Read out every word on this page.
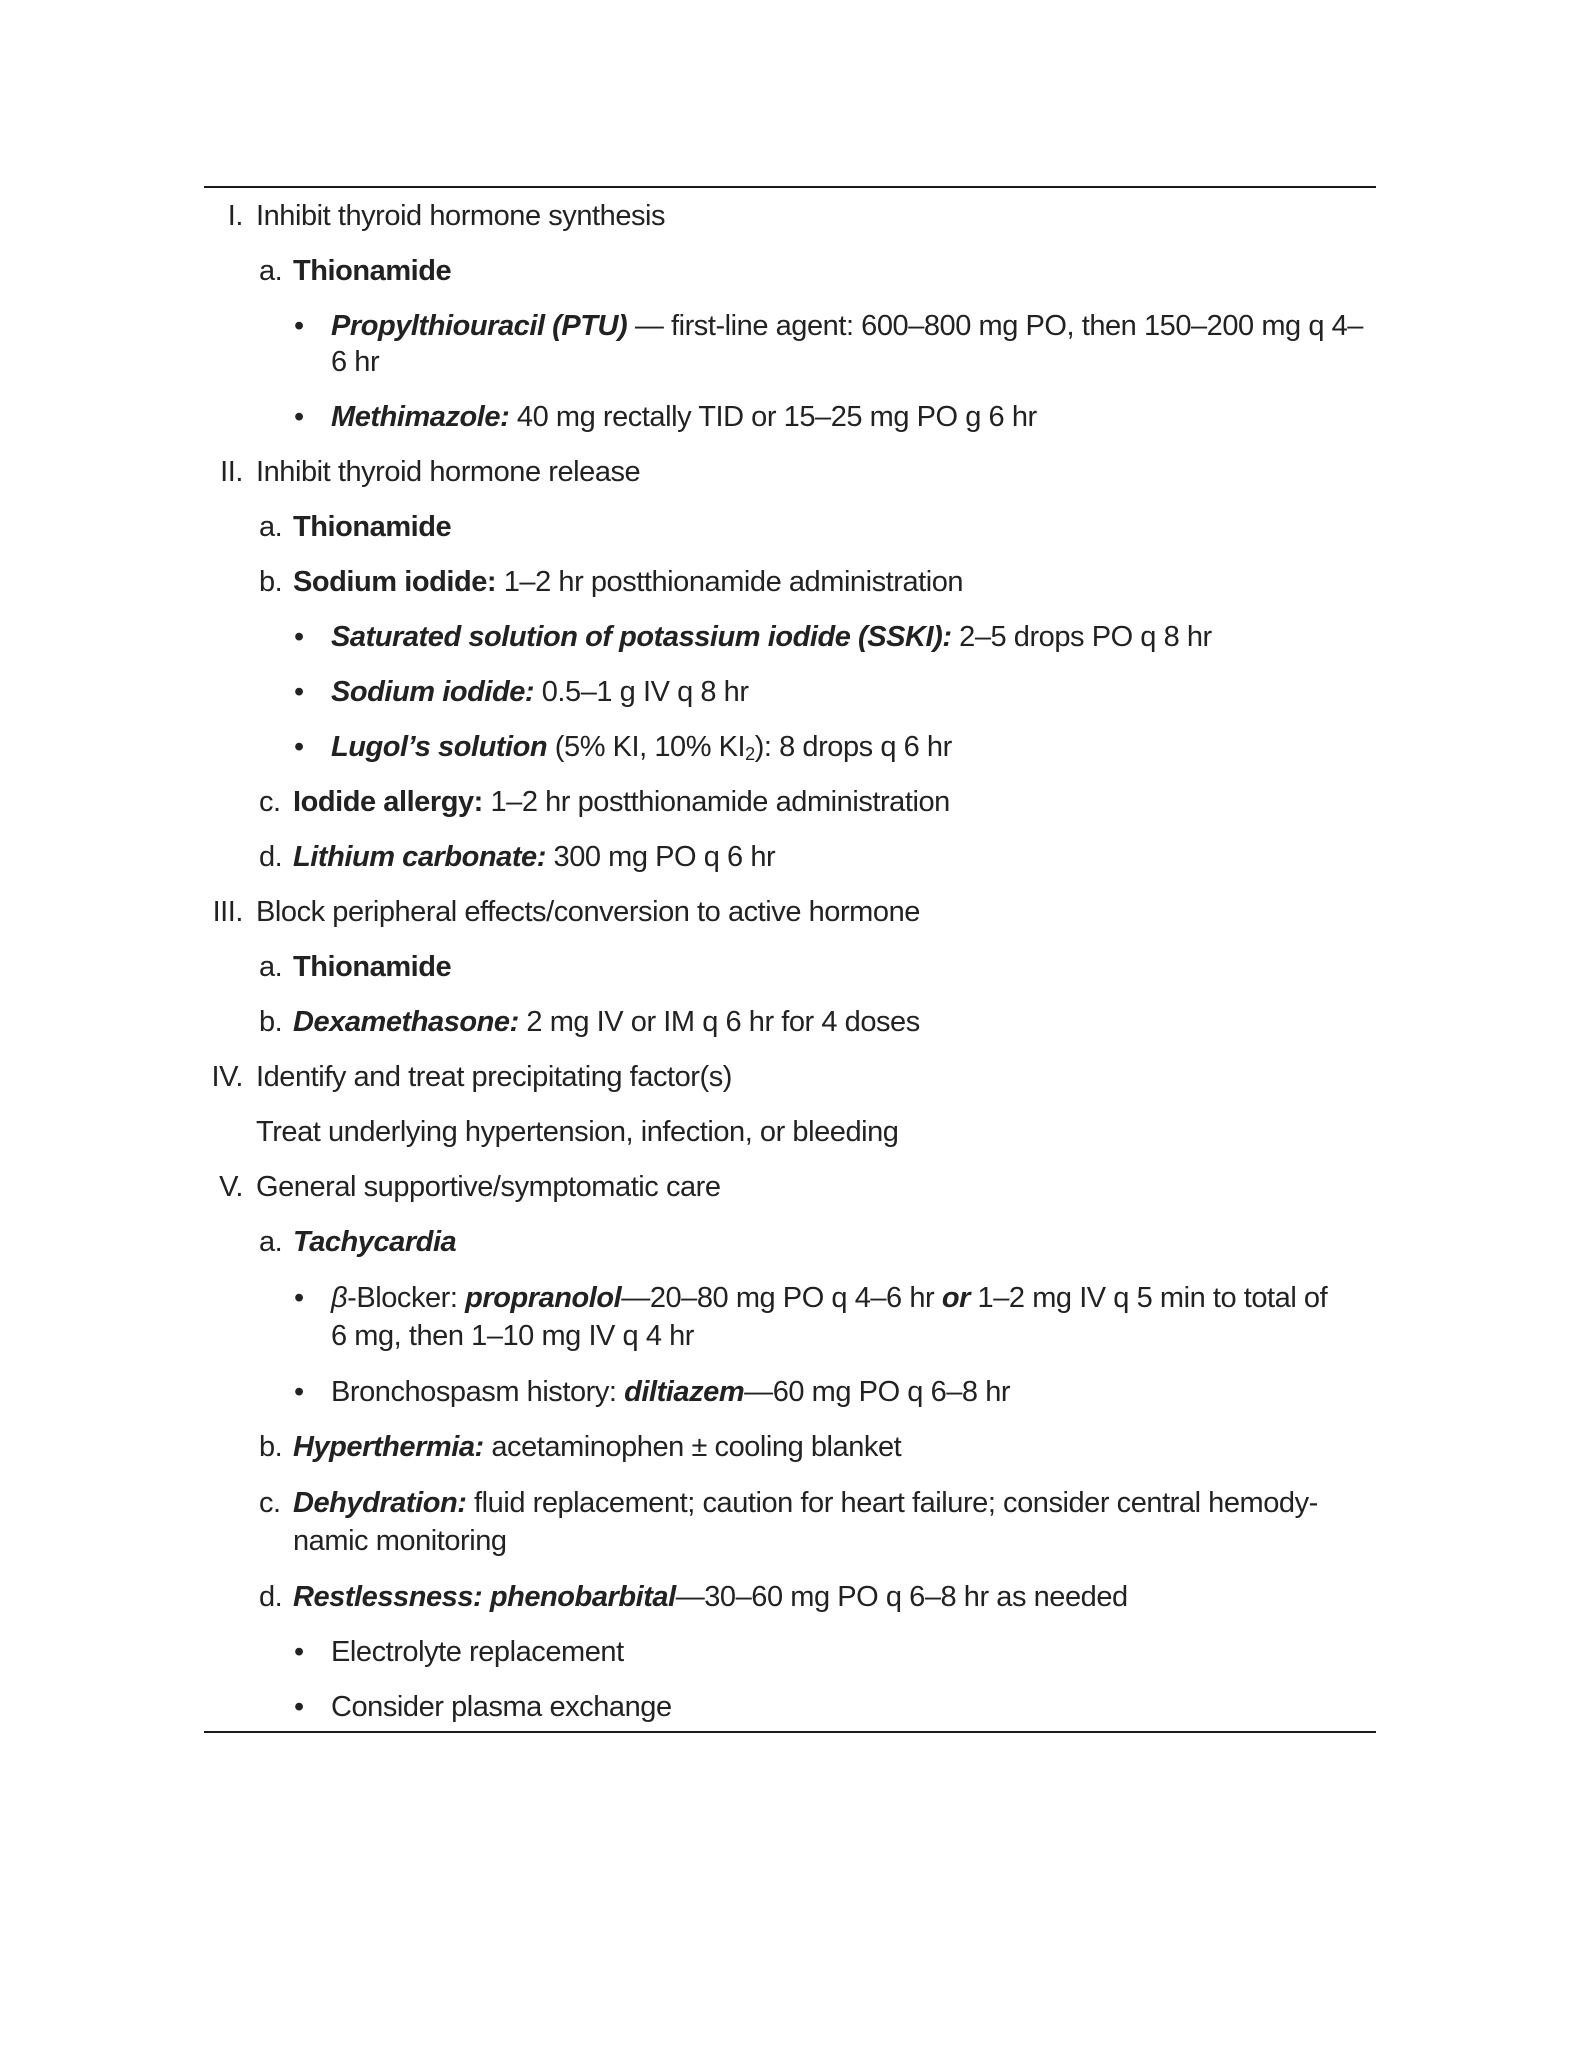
I. Inhibit thyroid hormone synthesis
a. Thionamide
• Propylthiouracil (PTU) — first-line agent: 600–800 mg PO, then 150–200 mg q 4–6 hr
• Methimazole: 40 mg rectally TID or 15–25 mg PO g 6 hr
II. Inhibit thyroid hormone release
a. Thionamide
b. Sodium iodide: 1–2 hr postthionamide administration
• Saturated solution of potassium iodide (SSKI): 2–5 drops PO q 8 hr
• Sodium iodide: 0.5–1 g IV q 8 hr
• Lugol’s solution (5% KI, 10% $KI_2$): 8 drops q 6 hr
c. Iodide allergy: 1–2 hr postthionamide administration
d. Lithium carbonate: 300 mg PO q 6 hr
III. Block peripheral effects/conversion to active hormone
a. Thionamide
b. Dexamethasone: 2 mg IV or IM q 6 hr for 4 doses
IV. Identify and treat precipitating factor(s)
Treat underlying hypertension, infection, or bleeding
V. General supportive/symptomatic care
a. Tachycardia
• β-Blocker: propranolol—20–80 mg PO q 4–6 hr or 1–2 mg IV q 5 min to total of
6 mg, then 1–10 mg IV q 4 hr
• Bronchospasm history: diltiazem—60 mg PO q 6–8 hr
b. Hyperthermia: acetaminophen ± cooling blanket
c. Dehydration: fluid replacement; caution for heart failure; consider central hemody-
namic monitoring
d. Restlessness: phenobarbital—30–60 mg PO q 6–8 hr as needed
• Electrolyte replacement
• Consider plasma exchange
